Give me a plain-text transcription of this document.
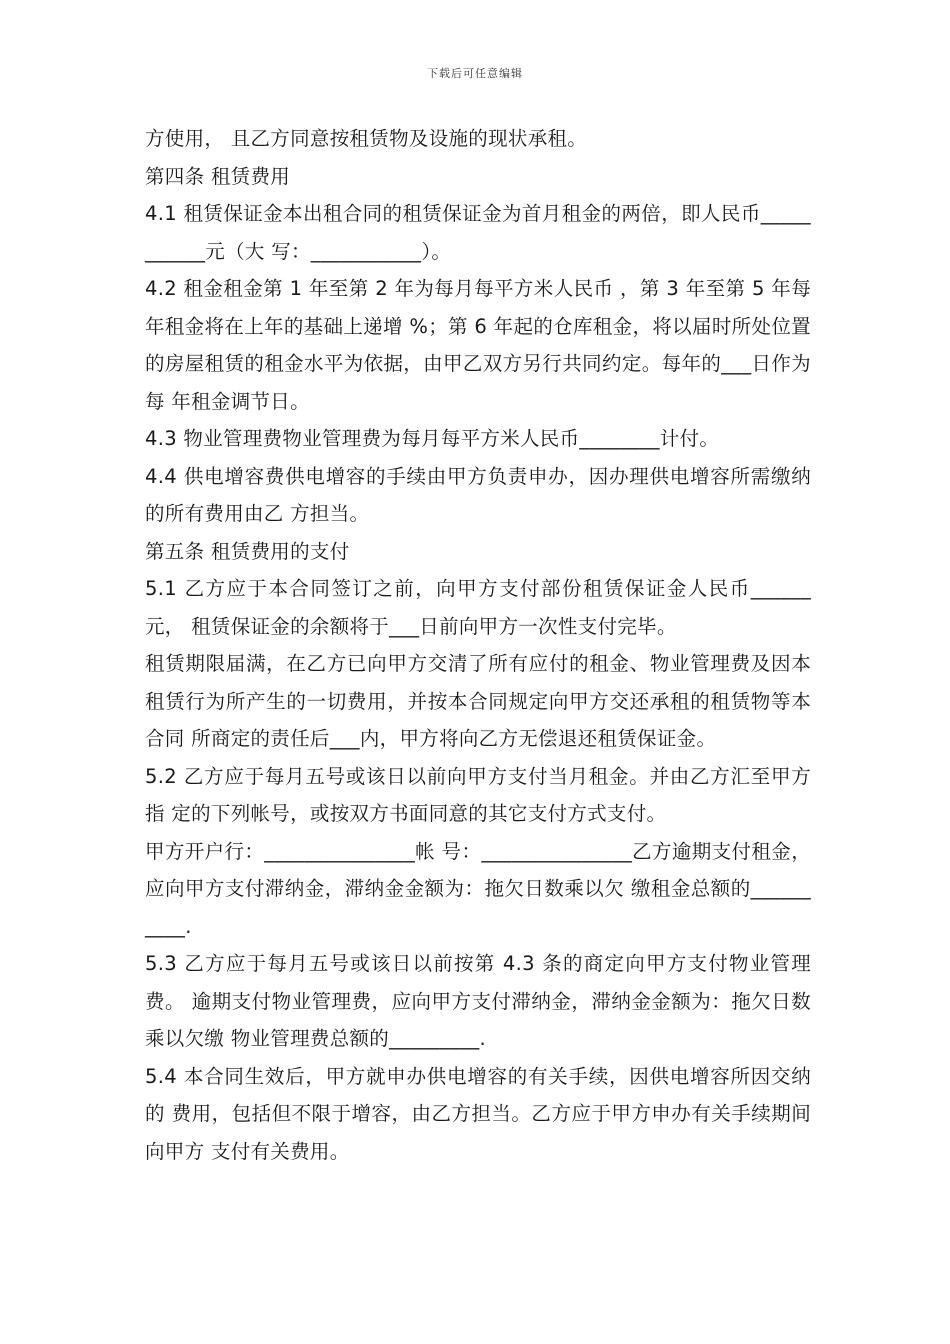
下载后可任意编辑

方使用， 且乙方同意按租赁物及设施的现状承租。

第四条 租赁费用

4.1 租赁保证金本出租合同的租赁保证金为首月租金的两倍，即人民币___________元（大 写：___________）。

4.2 租金租金第 1 年至第 2 年为每月每平方米人民币 ，第 3 年至第 5 年每年租金将在上年的基础上递增 %；第 6 年起的仓库租金，将以届时所处位置的房屋租赁的租金水平为依据，由甲乙双方另行共同约定。每年的___日作为每 年租金调节日。

4.3 物业管理费物业管理费为每月每平方米人民币________计付。

4.4 供电增容费供电增容的手续由甲方负责申办，因办理供电增容所需缴纳的所有费用由乙 方担当。

第五条 租赁费用的支付

5.1 乙方应于本合同签订之前，向甲方支付部份租赁保证金人民币______元， 租赁保证金的余额将于___日前向甲方一次性支付完毕。

租赁期限届满，在乙方已向甲方交清了所有应付的租金、物业管理费及因本 租赁行为所产生的一切费用，并按本合同规定向甲方交还承租的租赁物等本合同 所商定的责任后___内，甲方将向乙方无偿退还租赁保证金。

5.2 乙方应于每月五号或该日以前向甲方支付当月租金。并由乙方汇至甲方指 定的下列帐号，或按双方书面同意的其它支付方式支付。

甲方开户行：_______________帐 号：_______________乙方逾期支付租金，应向甲方支付滞纳金，滞纳金金额为：拖欠日数乘以欠 缴租金总额的__________.

5.3 乙方应于每月五号或该日以前按第 4.3 条的商定向甲方支付物业管理费。 逾期支付物业管理费，应向甲方支付滞纳金，滞纳金金额为：拖欠日数乘以欠缴 物业管理费总额的_________.

5.4 本合同生效后，甲方就申办供电增容的有关手续，因供电增容所因交纳的 费用，包括但不限于增容，由乙方担当。乙方应于甲方申办有关手续期间向甲方 支付有关费用。
